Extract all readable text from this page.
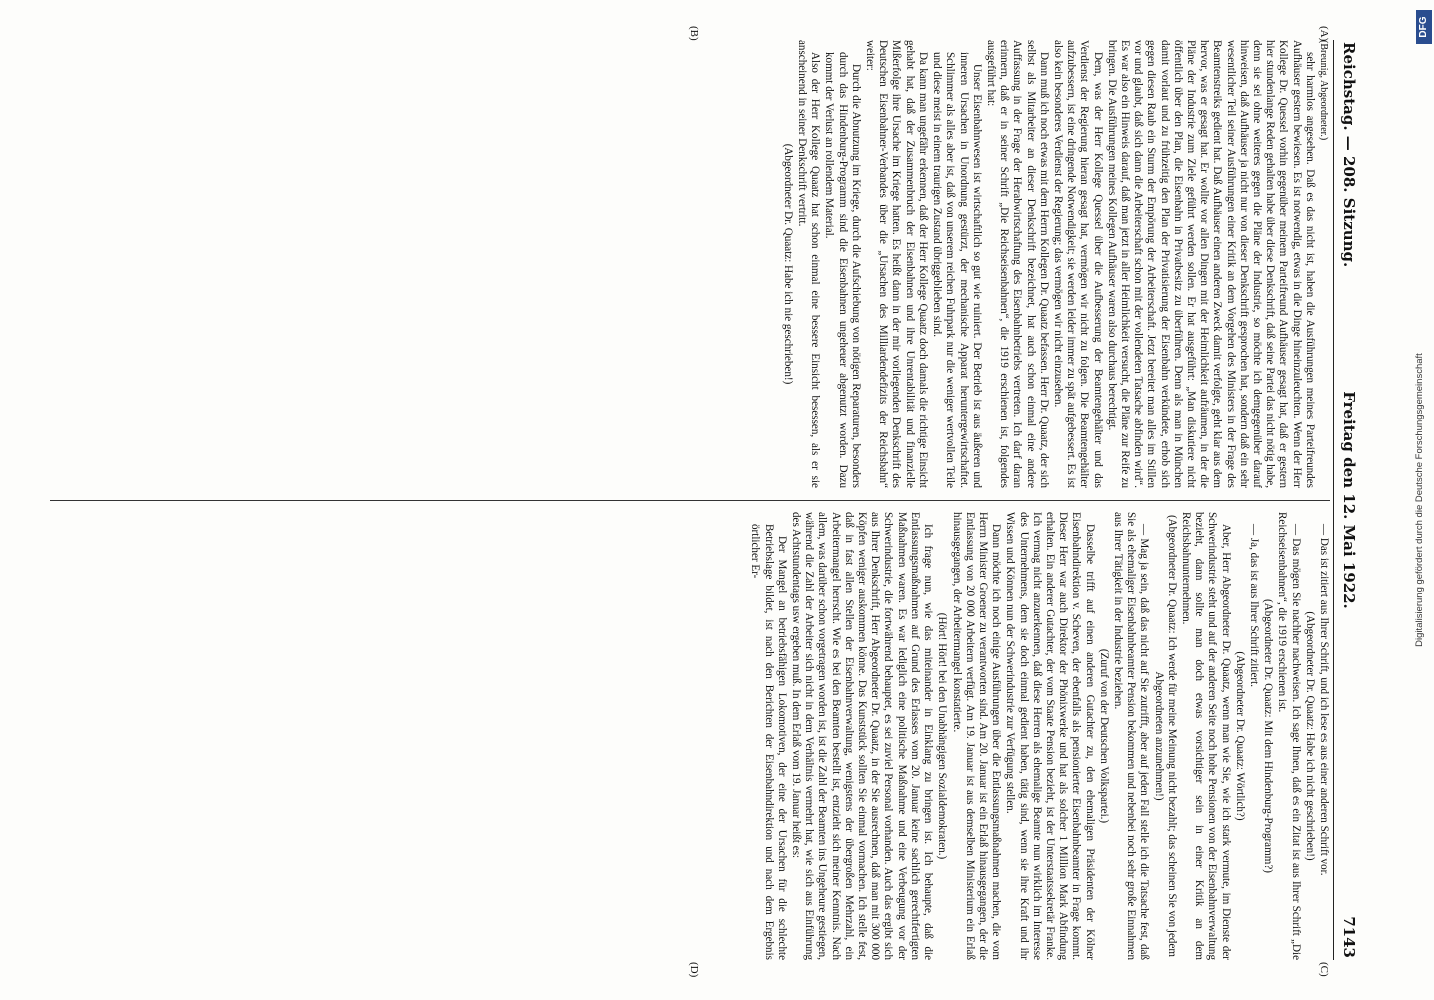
Reichstag. — 208. Sitzung.
Freitag den 12. Mai 1922.
7143

(Breunig, Abgeordneter.)

sehr harmlos angesehen. Daß es das nicht ist, haben die Ausführungen meines Parteifreundes Aufhäuser gestern bewiesen. Es ist notwendig, etwas in die Dinge hineinzuleuchten. Wenn der Herr Kollege Dr. Quessel vorhin gegenüber meinem Parteifreund Aufhäuser gesagt hat, daß er gestern hier stundenlange Reden gehalten habe über diese Denkschrift, daß seine Partei das nicht nötig habe, denn sie sei ohne weiteres gegen die Pläne der Industrie, so möchte ich demgegenüber darauf hinweisen, daß Aufhäuser ja nicht nur von dieser Denkschrift gesprochen hat, sondern daß ein sehr wesentlicher Teil seiner Ausführungen einer Kritik an dem Vorgehen des Ministers in der Frage des Beamtenstreiks gedient hat. Daß Aufhäuser einen anderen Zweck damit verfolgte, geht klar aus dem hervor, was er gesagt hat. Er wollte vor allen Dingen mit der Heimlichkeit aufräumen, in der die Pläne der Industrie zum Ziele geführt werden sollen. Er hat ausgeführt: „Man diskutiere nicht öffentlich über den Plan, die Eisenbahn in Privatbesitz zu überführen. Denn als man in München damit vorlaut und zu frühzeitig den Plan der Privatisierung der Eisenbahn verkündete, erhob sich gegen diesen Raub ein Sturm der Empörung der Arbeiterschaft. Jetzt bereitet man alles im Stillen vor und glaubt, daß sich dann die Arbeiterschaft schon mit der vollendeten Tatsache abfinden wird“. Es war also ein Hinweis darauf, daß man jetzt in aller Heimlichkeit versucht, die Pläne zur Reife zu bringen. Die Ausführungen meines Kollegen Aufhäuser waren also durchaus berechtigt.

Dem, was der Herr Kollege Quessel über die Aufbesserung der Beamtengehälter und das Verdienst der Regierung hieran gesagt hat, vermögen wir nicht zu folgen. Die Beamtengehälter aufzubessern, ist eine dringende Notwendigkeit; sie werden leider immer zu spät aufgebessert. Es ist also kein besonderes Verdienst der Regierung; das vermögen wir nicht einzusehen.

Dann muß ich noch etwas mit dem Herrn Kollegen Dr. Quaatz befassen. Herr Dr. Quaatz, der sich selbst als Mitarbeiter an dieser Denkschrift bezeichnet, hat auch schon einmal eine andere Auffassung in der Frage der Herabwirtschaftung des Eisenbahnbetriebs vertreten. Ich darf daran erinnern, daß er in seiner Schrift „Die Reichseisenbahnen“, die 1919 erschienen ist, folgendes ausgeführt hat:

Unser Eisenbahnwesen ist wirtschaftlich so gut wie ruiniert. Der Betrieb ist aus äußeren und inneren Ursachen in Unordnung gestürzt, der mechanische Apparat heruntergewirtschaftet. Schlimmer als alles aber ist, daß von unserem reichen Fuhrpark nur die weniger wertvollen Teile und diese meist in einem traurigen Zustand übriggeblieben sind.

Da kann man ungefähr erkennen, daß der Herr Kollege Quaatz doch damals die richtige Einsicht gehabt hat, daß der Zusammenbruch der Eisenbahnen und ihre Unrentabilität und finanzielle Mißerfolge ihre Ursache im Kriege hatten. Es heißt dann in der mir vorliegenden Denkschrift des Deutschen Eisenbahner-Verbandes über die „Ursachen des Milliardendefizits der Reichsbahn“ weiter:

Durch die Abnutzung im Kriege, durch die Aufschiebung von nötigen Reparaturen, besonders durch das Hindenburg-Programm sind die Eisenbahnen ungeheuer abgenutzt worden. Dazu kommt der Verlust an rollendem Material.

Also der Herr Kollege Quaatz hat schon einmal eine bessere Einsicht besessen, als er sie anscheinend in seiner Denkschrift vertritt.

(Abgeordneter Dr. Quaatz: Habe ich nie geschrieben!)

— Das ist zitiert aus Ihrer Schrift, und ich lese es aus einer anderen Schrift vor.

(Abgeordneter Dr. Quaatz: Habe ich nicht geschrieben!)

— Das mögen Sie nachher nachweisen. Ich sage Ihnen, daß es ein Zitat ist aus Ihrer Schrift „Die Reichseisenbahnen“, die 1919 erschienen ist.

(Abgeordneter Dr. Quaatz: Mit dem Hindenburg-Programm?)

— Ja, das ist aus Ihrer Schrift zitiert.

(Abgeordneter Dr. Quaatz: Wörtlich?)

Aber, Herr Abgeordneter Dr. Quaatz, wenn man wie Sie, wie ich stark vermute, im Dienste der Schwerindustrie steht und auf der anderen Seite noch hohe Pensionen von der Eisenbahnverwaltung bezieht, dann sollte man doch etwas vorsichtiger sein in einer Kritik an dem Reichsbahnunternehmen.

(Abgeordneter Dr. Quaatz: Ich werde für meine Meinung nicht bezahlt; das scheinen Sie von jedem Abgeordneten anzunehmen!)

— Mag ja sein, daß das nicht auf Sie zutrifft, aber auf jeden Fall stelle ich die Tatsache fest, daß Sie als ehemaliger Eisenbahnbeamter Pension bekommen und nebenbei noch sehr große Einnahmen aus Ihrer Tätigkeit in der Industrie beziehen.

(Zuruf von der Deutschen Volkspartei.)

Dasselbe trifft auf einen anderen Gutachter zu, den ehemaligen Präsidenten der Kölner Eisenbahndirektion v. Scheven, der ebenfalls als pensionierter Eisenbahnbeamter in Frage kommt. Dieser Herr war auch Direktor der Phönixwerke und hat als solcher 1 Million Mark Abfindung erhalten. Ein anderer Gutachter, der vom Staate Pension bezieht, ist der Unterstaatssekretär Franke. Ich vermag nicht anzuerkennen, daß diese Herren als ehemalige Beamte nun wirklich im Interesse des Unternehmens, dem sie doch einmal gedient haben, tätig sind, wenn sie ihre Kraft und ihr Wissen und Können nun der Schwerindustrie zur Verfügung stellen.

Dann möchte ich noch einige Ausführungen über die Entlassungsmaßnahmen machen, die vom Herrn Minister Groener zu verantworten sind. Am 20. Januar ist ein Erlaß hinausgegangen, der die Entlassung von 20 000 Arbeitern verfügt. Am 19. Januar ist aus demselben Ministerium ein Erlaß hinausgegangen, der Arbeitermangel konstatierte.

(Hört! Hört! bei den Unabhängigen Sozialdemokraten.)

Ich frage nun, wie das miteinander in Einklang zu bringen ist. Ich behaupte, daß die Entlassungsmaßnahmen auf Grund des Erlasses vom 20. Januar keine sachlich gerechtfertigten Maßnahmen waren. Es war lediglich eine politische Maßnahme und eine Verbeugung vor der Schwerindustrie, die fortwährend behauptet, es sei zuviel Personal vorhanden. Auch das ergibt sich aus Ihrer Denkschrift, Herr Abgeordneter Dr. Quaatz, in der Sie ausrechnen, daß man mit 300 000 Köpfen weniger auskommen könne. Das Kunststück sollten Sie einmal vormachen. Ich stelle fest, daß in fast allen Stellen der Eisenbahnverwaltung, wenigstens der übergroßen Mehrzahl, ein Arbeitermangel herrscht. Wie es bei den Beamten bestellt ist, entzieht sich meiner Kenntnis. Nach allem, was darüber schon vorgetragen worden ist, ist die Zahl der Beamten ins Ungeheure gestiegen, während die Zahl der Arbeiter sich nicht in dem Verhältnis vermehrt hat, wie sich aus Einführung des Achtstundentags usw ergeben muß. In dem Erlaß vom 19. Januar heißt es:

Der Mangel an betriebsfähigen Lokomotiven, der eine der Ursachen für die schlechte Betriebslage bildet, ist nach den Berichten der Eisenbahndirektion und nach dem Ergebnis örtlicher Er-

(A)
(B)
(C)
(D)
DFG
Digitalisierung gefördert durch die Deutsche Forschungsgemeinschaft
